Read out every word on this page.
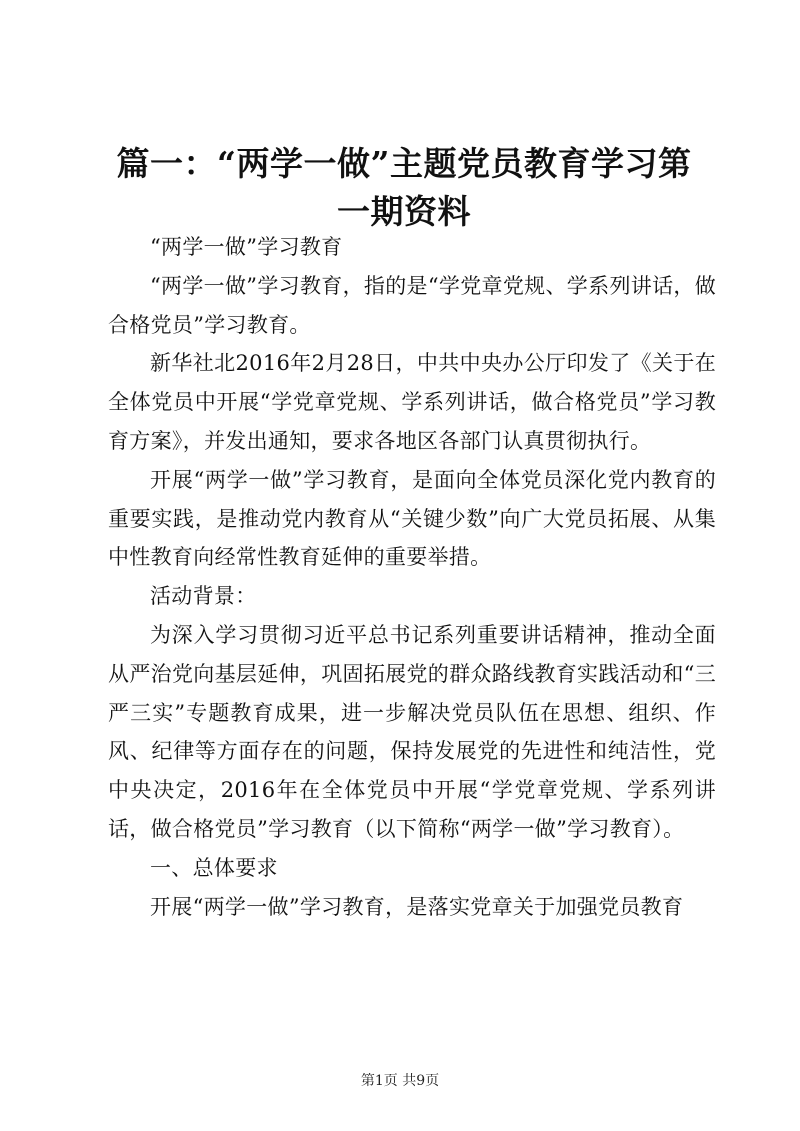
篇一：“两学一做”主题党员教育学习第一期资料

“两学一做”学习教育

“两学一做”学习教育，指的是“学党章党规、学系列讲话，做合格党员”学习教育。

新华社北2016年2月28日，中共中央办公厅印发了《关于在全体党员中开展“学党章党规、学系列讲话，做合格党员”学习教育方案》，并发出通知，要求各地区各部门认真贯彻执行。

开展“两学一做”学习教育，是面向全体党员深化党内教育的重要实践，是推动党内教育从“关键少数”向广大党员拓展、从集中性教育向经常性教育延伸的重要举措。

活动背景：

为深入学习贯彻习近平总书记系列重要讲话精神，推动全面从严治党向基层延伸，巩固拓展党的群众路线教育实践活动和“三严三实”专题教育成果，进一步解决党员队伍在思想、组织、作风、纪律等方面存在的问题，保持发展党的先进性和纯洁性，党中央决定，2016年在全体党员中开展“学党章党规、学系列讲话，做合格党员”学习教育（以下简称“两学一做”学习教育）。

一、总体要求

开展“两学一做”学习教育，是落实党章关于加强党员教育

第1页 共9页
